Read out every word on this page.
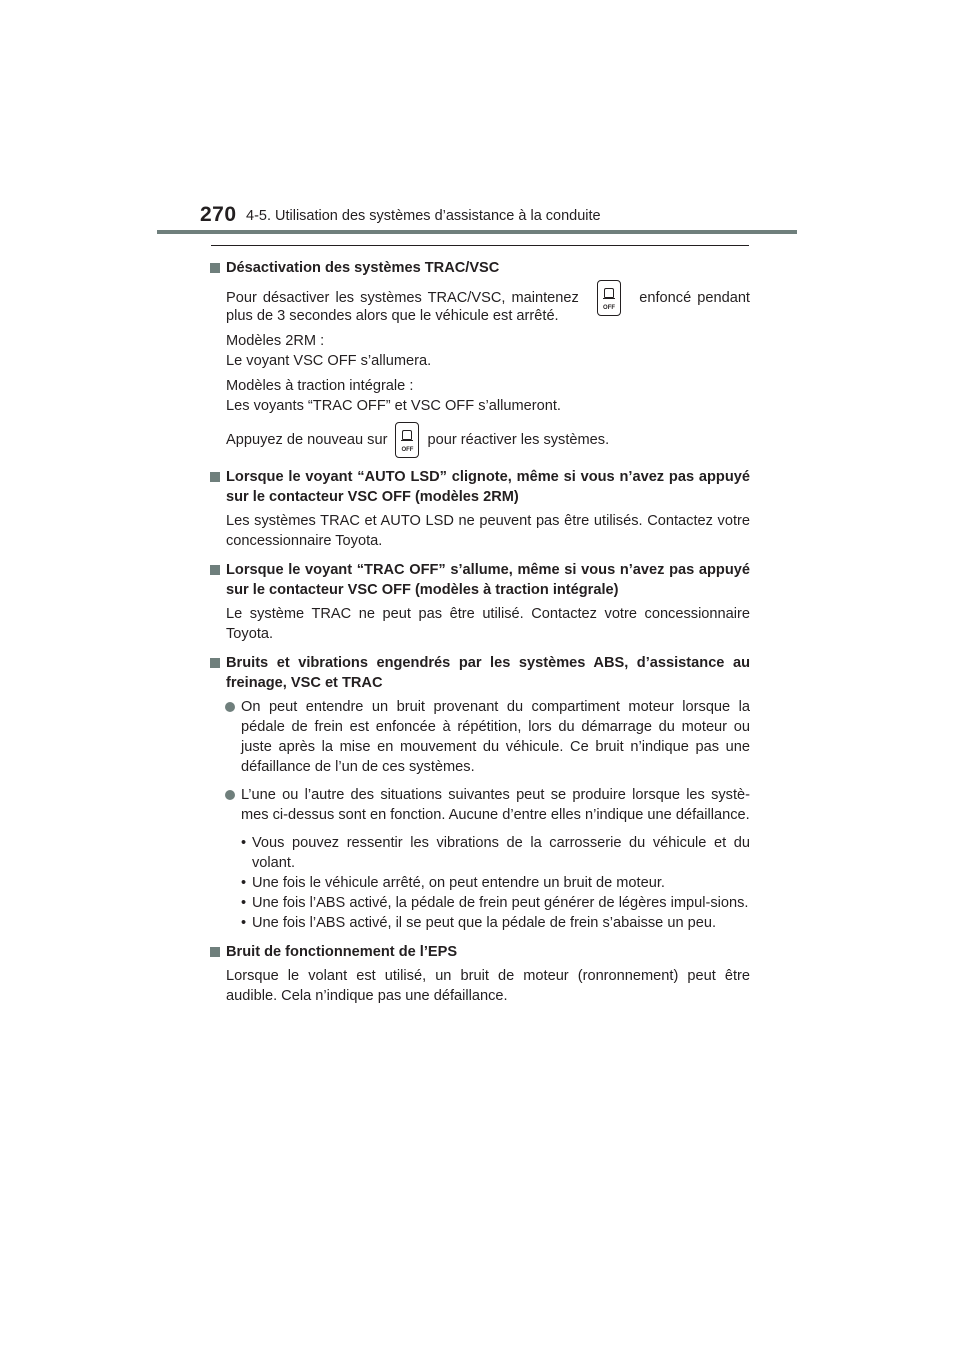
270 4-5. Utilisation des systèmes d’assistance à la conduite
Désactivation des systèmes TRAC/VSC
Pour désactiver les systèmes TRAC/VSC, maintenez
OFF
enfoncé pendant
plus de 3 secondes alors que le véhicule est arrêté.
Modèles 2RM :
Le voyant VSC OFF s’allumera.
Modèles à traction intégrale :
Les voyants “TRAC OFF” et VSC OFF s’allumeront.
Appuyez de nouveau sur
OFF
pour réactiver les systèmes.
Lorsque le voyant “AUTO LSD” clignote, même si vous n’avez pas appuyé sur le contacteur VSC OFF (modèles 2RM)
Les systèmes TRAC et AUTO LSD ne peuvent pas être utilisés. Contactez votre concessionnaire Toyota.
Lorsque le voyant “TRAC OFF” s’allume, même si vous n’avez pas appuyé sur le contacteur VSC OFF (modèles à traction intégrale)
Le système TRAC ne peut pas être utilisé. Contactez votre concessionnaire Toyota.
Bruits et vibrations engendrés par les systèmes ABS, d’assistance au freinage, VSC et TRAC
On peut entendre un bruit provenant du compartiment moteur lorsque la pédale de frein est enfoncée à répétition, lors du démarrage du moteur ou juste après la mise en mouvement du véhicule. Ce bruit n’indique pas une défaillance de l’un de ces systèmes.
L’une ou l’autre des situations suivantes peut se produire lorsque les systè-mes ci-dessus sont en fonction. Aucune d’entre elles n’indique une défaillance.
• Vous pouvez ressentir les vibrations de la carrosserie du véhicule et du volant.
• Une fois le véhicule arrêté, on peut entendre un bruit de moteur.
• Une fois l’ABS activé, la pédale de frein peut générer de légères impul-sions.
• Une fois l’ABS activé, il se peut que la pédale de frein s’abaisse un peu.
Bruit de fonctionnement de l’EPS
Lorsque le volant est utilisé, un bruit de moteur (ronronnement) peut être audible. Cela n’indique pas une défaillance.
